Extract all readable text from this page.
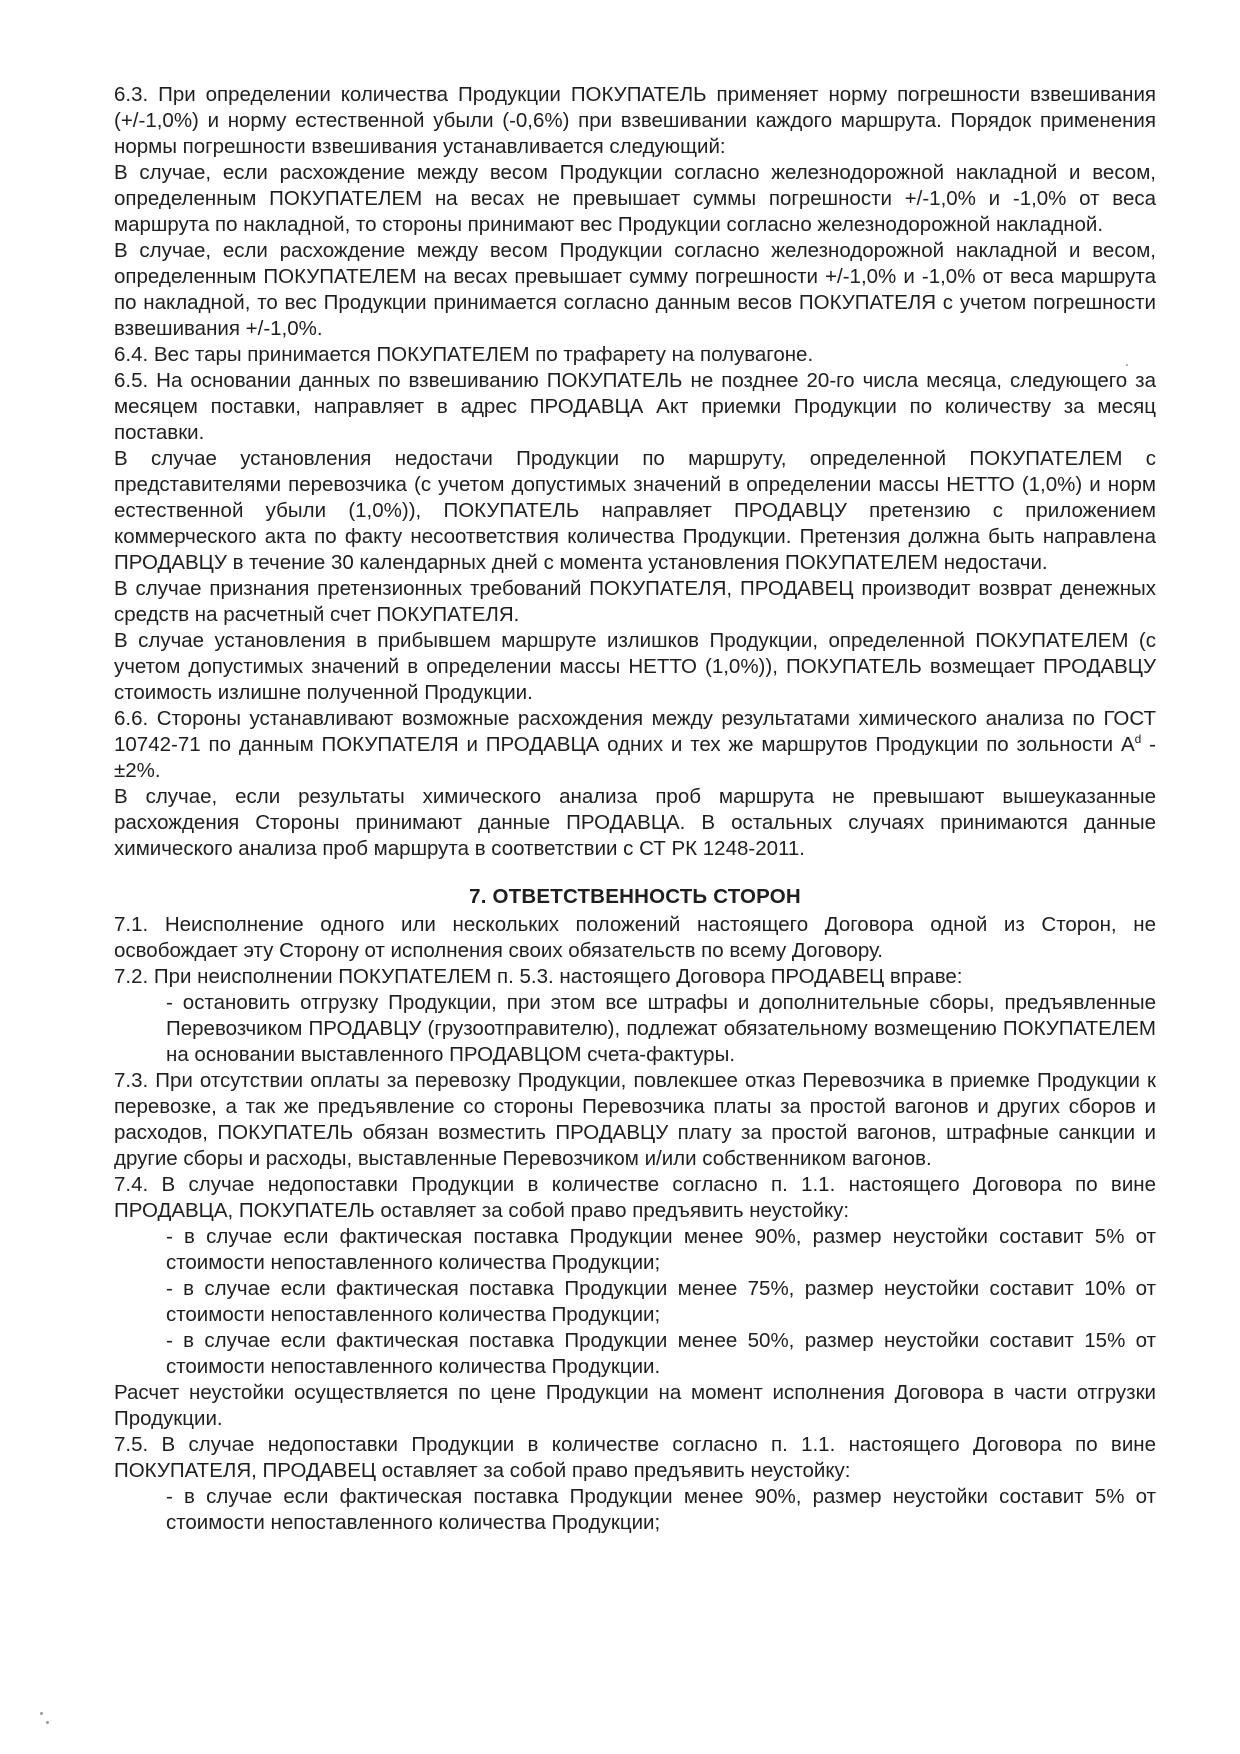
6.3. При определении количества Продукции ПОКУПАТЕЛЬ применяет норму погрешности взвешивания (+/-1,0%) и норму естественной убыли (-0,6%) при взвешивании каждого маршрута. Порядок применения нормы погрешности взвешивания устанавливается следующий:

В случае, если расхождение между весом Продукции согласно железнодорожной накладной и весом, определенным ПОКУПАТЕЛЕМ на весах не превышает суммы погрешности +/-1,0% и -1,0% от веса маршрута по накладной, то стороны принимают вес Продукции согласно железнодорожной накладной.

В случае, если расхождение между весом Продукции согласно железнодорожной накладной и весом, определенным ПОКУПАТЕЛЕМ на весах превышает сумму погрешности +/-1,0% и -1,0% от веса маршрута по накладной, то вес Продукции принимается согласно данным весов ПОКУПАТЕЛЯ с учетом погрешности взвешивания +/-1,0%.

6.4. Вес тары принимается ПОКУПАТЕЛЕМ по трафарету на полувагоне.

6.5. На основании данных по взвешиванию ПОКУПАТЕЛЬ не позднее 20-го числа месяца, следующего за месяцем поставки, направляет в адрес ПРОДАВЦА Акт приемки Продукции по количеству за месяц поставки.

В случае установления недостачи Продукции по маршруту, определенной ПОКУПАТЕЛЕМ с представителями перевозчика (с учетом допустимых значений в определении массы НЕТТО (1,0%) и норм естественной убыли (1,0%)), ПОКУПАТЕЛЬ направляет ПРОДАВЦУ претензию с приложением коммерческого акта по факту несоответствия количества Продукции. Претензия должна быть направлена ПРОДАВЦУ в течение 30 календарных дней с момента установления ПОКУПАТЕЛЕМ недостачи.

В случае признания претензионных требований ПОКУПАТЕЛЯ, ПРОДАВЕЦ производит возврат денежных средств на расчетный счет ПОКУПАТЕЛЯ.

В случае установления в прибывшем маршруте излишков Продукции, определенной ПОКУПАТЕЛЕМ (с учетом допустимых значений в определении массы НЕТТО (1,0%)), ПОКУПАТЕЛЬ возмещает ПРОДАВЦУ стоимость излишне полученной Продукции.

6.6. Стороны устанавливают возможные расхождения между результатами химического анализа по ГОСТ 10742-71 по данным ПОКУПАТЕЛЯ и ПРОДАВЦА одних и тех же маршрутов Продукции по зольности $А^d - \pm 2\%$.

В случае, если результаты химического анализа проб маршрута не превышают вышеуказанные расхождения Стороны принимают данные ПРОДАВЦА. В остальных случаях принимаются данные химического анализа проб маршрута в соответствии с СТ РК 1248-2011.

7. ОТВЕТСТВЕННОСТЬ СТОРОН

7.1. Неисполнение одного или нескольких положений настоящего Договора одной из Сторон, не освобождает эту Сторону от исполнения своих обязательств по всему Договору.

7.2. При неисполнении ПОКУПАТЕЛЕМ п. 5.3. настоящего Договора ПРОДАВЕЦ вправе:

- остановить отгрузку Продукции, при этом все штрафы и дополнительные сборы, предъявленные Перевозчиком ПРОДАВЦУ (грузоотправителю), подлежат обязательному возмещению ПОКУПАТЕЛЕМ на основании выставленного ПРОДАВЦОМ счета-фактуры.

7.3. При отсутствии оплаты за перевозку Продукции, повлекшее отказ Перевозчика в приемке Продукции к перевозке, а так же предъявление со стороны Перевозчика платы за простой вагонов и других сборов и расходов, ПОКУПАТЕЛЬ обязан возместить ПРОДАВЦУ плату за простой вагонов, штрафные санкции и другие сборы и расходы, выставленные Перевозчиком и/или собственником вагонов.

7.4. В случае недопоставки Продукции в количестве согласно п. 1.1. настоящего Договора по вине ПРОДАВЦА, ПОКУПАТЕЛЬ оставляет за собой право предъявить неустойку:

- в случае если фактическая поставка Продукции менее 90%, размер неустойки составит 5% от стоимости непоставленного количества Продукции;

- в случае если фактическая поставка Продукции менее 75%, размер неустойки составит 10% от стоимости непоставленного количества Продукции;

- в случае если фактическая поставка Продукции менее 50%, размер неустойки составит 15% от стоимости непоставленного количества Продукции.

Расчет неустойки осуществляется по цене Продукции на момент исполнения Договора в части отгрузки Продукции.

7.5. В случае недопоставки Продукции в количестве согласно п. 1.1. настоящего Договора по вине ПОКУПАТЕЛЯ, ПРОДАВЕЦ оставляет за собой право предъявить неустойку:

- в случае если фактическая поставка Продукции менее 90%, размер неустойки составит 5% от стоимости непоставленного количества Продукции;
